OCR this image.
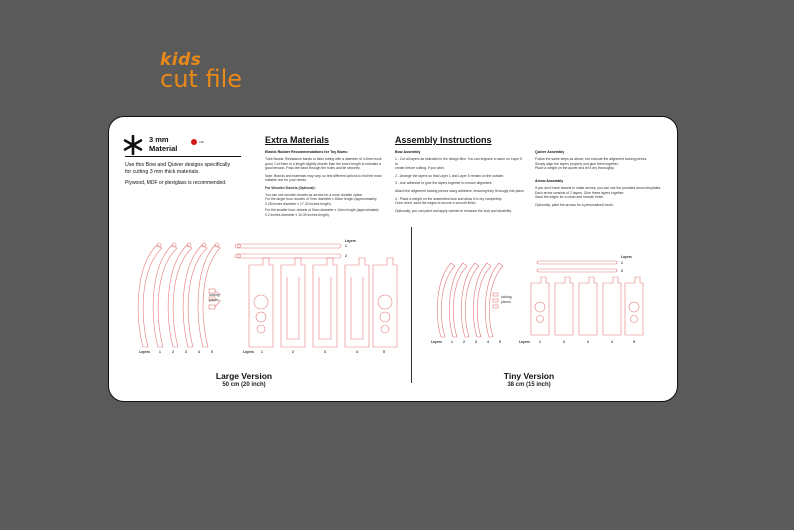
kids
cut file
3 mm
Material
cut
Use this Bow and Quiver designs specifically
for cutting 3 mm thick materials.
Plywood, MDF or plexiglass is recommended.
Extra Materials
Elastic Rubber Recommendations for Toy Bows:
Tube Bands: Resistance bands or latex tubing with a diameter of 4-6mm work
good. Cut them to a length slightly shorter than the bow's length to maintain a
good tension. Pass the band through the holes and tie securely.
Note: Brands and materials may vary, so test different options to find the most
suitable one for your needs.
For Wooden Dowels (Optional):
You can use wooden dowels as arrows for a more durable option.
For the larger bow: dowels of 7mm diameter x 60cm length (approximately
0.28 inches diameter x 17.32 inches length).
For the smaller bow: dowels of 5mm diameter x 14cm length (approximately
0.2 inches diameter x 10.39 inches length).
Assembly Instructions
Bow Assembly
1 - Cut all layers as indicated in the design files. You can engrave a name on Layer 5 to
create before cutting, if you wish.
2 - Arrange the layers so that Layer 1 and Layer 5 remain on the outside.
3 - Use adhesive to glue the layers together to ensure alignment.
Attach the alignment locking pieces using adhesive, ensuring they fit snugly into place.
4 - Place a weight on the assembled bow and allow it to dry completely.
Once dried, sand the edges to ensure a smooth finish.
Optionally, you can paint and apply varnish to enhance the look and durability.
Quiver Assembly
Follow the same steps as above, but exclude the alignment locking pieces.
Simply align the layers properly and glue them together.
Place a weight on the quiver and let it dry thoroughly.
Arrow Assembly
If you don't have dowels to make arrows, you can use the provided arrow templates.
Each arrow consists of 2 layers. Glue these layers together.
Sand the edges for a clean and smooth finish.
Optionally, paint the arrows for a personalized touch.
Layers
1
2
locking pieces
Layers	1	2	3	4	5	Layers 1	2	3	4	5
Large Version
50 cm (20 inch)
Layers
1
2
locking pieces
Layers	1	2	3	4	5	Layers	1	2	3	4	5
Tiny Version
38 cm (15 inch)
